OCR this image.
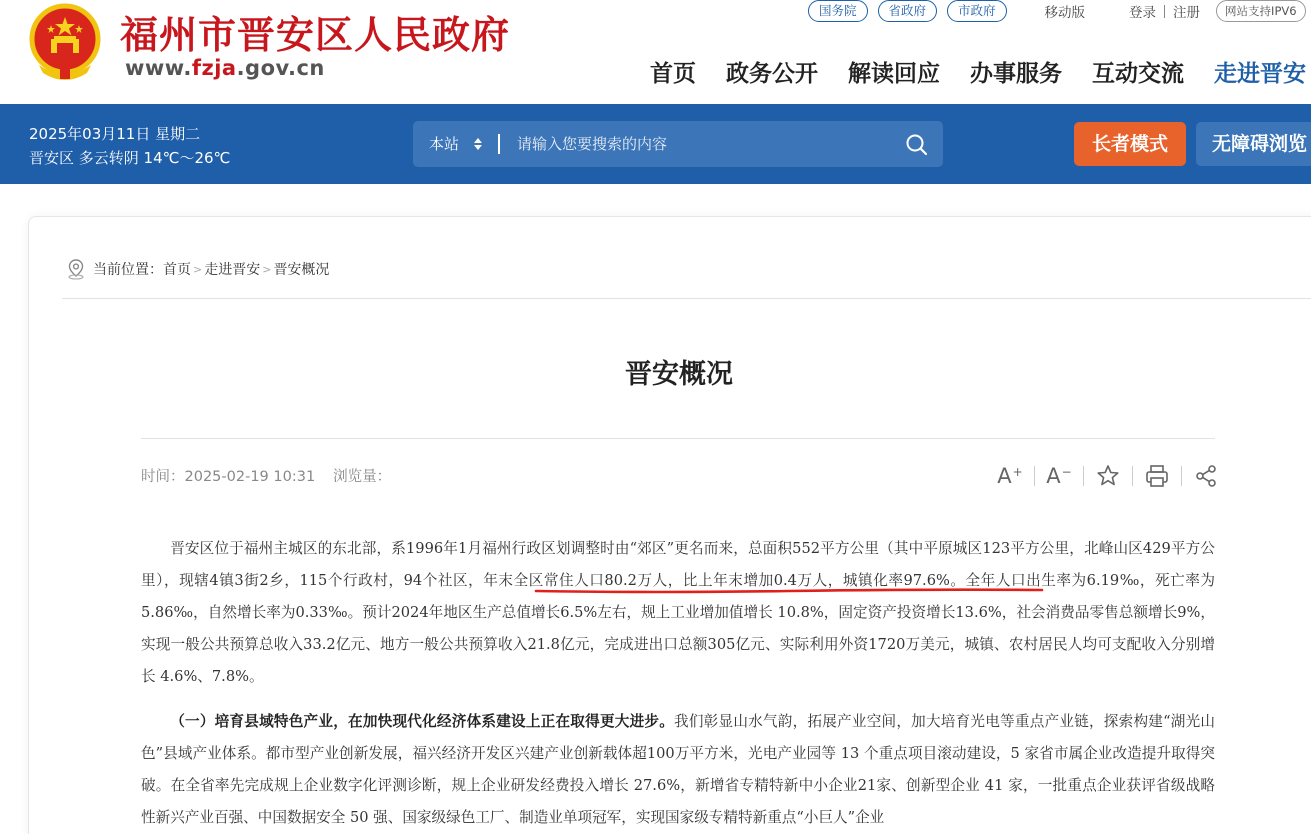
福州市晋安区人民政府
www.fzja.gov.cn
国务院	省政府	市政府	移动版	登录 注册	网站支持IPV6
首页 政务公开 解读回应 办事服务 互动交流 走进晋安
2025年03月11日 星期二
晋安区 多云转阴 14℃～26℃
本站
请输入您要搜索的内容	长者模式	无障碍浏览
当前位置： 首页 > 走进晋安 > 晋安概况
晋安概况
时间：2025-02-19 10:31 浏览量：	A+ A−
晋安区位于福州主城区的东北部，系1996年1月福州行政区划调整时由“郊区”更名而来，总面积552平方公里（其中平原城区123平方公里，北峰山区429平方公里），现辖4镇3街2乡，115个行政村，94个社区，年末全区常住人口80.2万人，比上年末增加0.4万人，城镇化率97.6%。全年人口出生率为6.19‰，死亡率为5.86‰，自然增长率为0.33‰。预计2024年地区生产总值增长6.5%左右，规上工业增加值增长 10.8%，固定资产投资增长13.6%，社会消费品零售总额增长9%，实现一般公共预算总收入33.2亿元、地方一般公共预算收入21.8亿元，完成进出口总额305亿元、实际利用外资1720万美元，城镇、农村居民人均可支配收入分别增长 4.6%、7.8%。
（一）培育县域特色产业，在加快现代化经济体系建设上正在取得更大进步。我们彰显山水气韵，拓展产业空间，加大培育光电等重点产业链，探索构建“湖光山色”县域产业体系。都市型产业创新发展，福兴经济开发区兴建产业创新载体超100万平方米，光电产业园等 13 个重点项目滚动建设，5 家省市属企业改造提升取得突破。在全省率先完成规上企业数字化评测诊断，规上企业研发经费投入增长 27.6%，新增省专精特新中小企业21家、创新型企业 41 家，一批重点企业获评省级战略性新兴产业百强、中国数据安全 50 强、国家级绿色工厂、制造业单项冠军，实现国家级专精特新重点“小巨人”企业
